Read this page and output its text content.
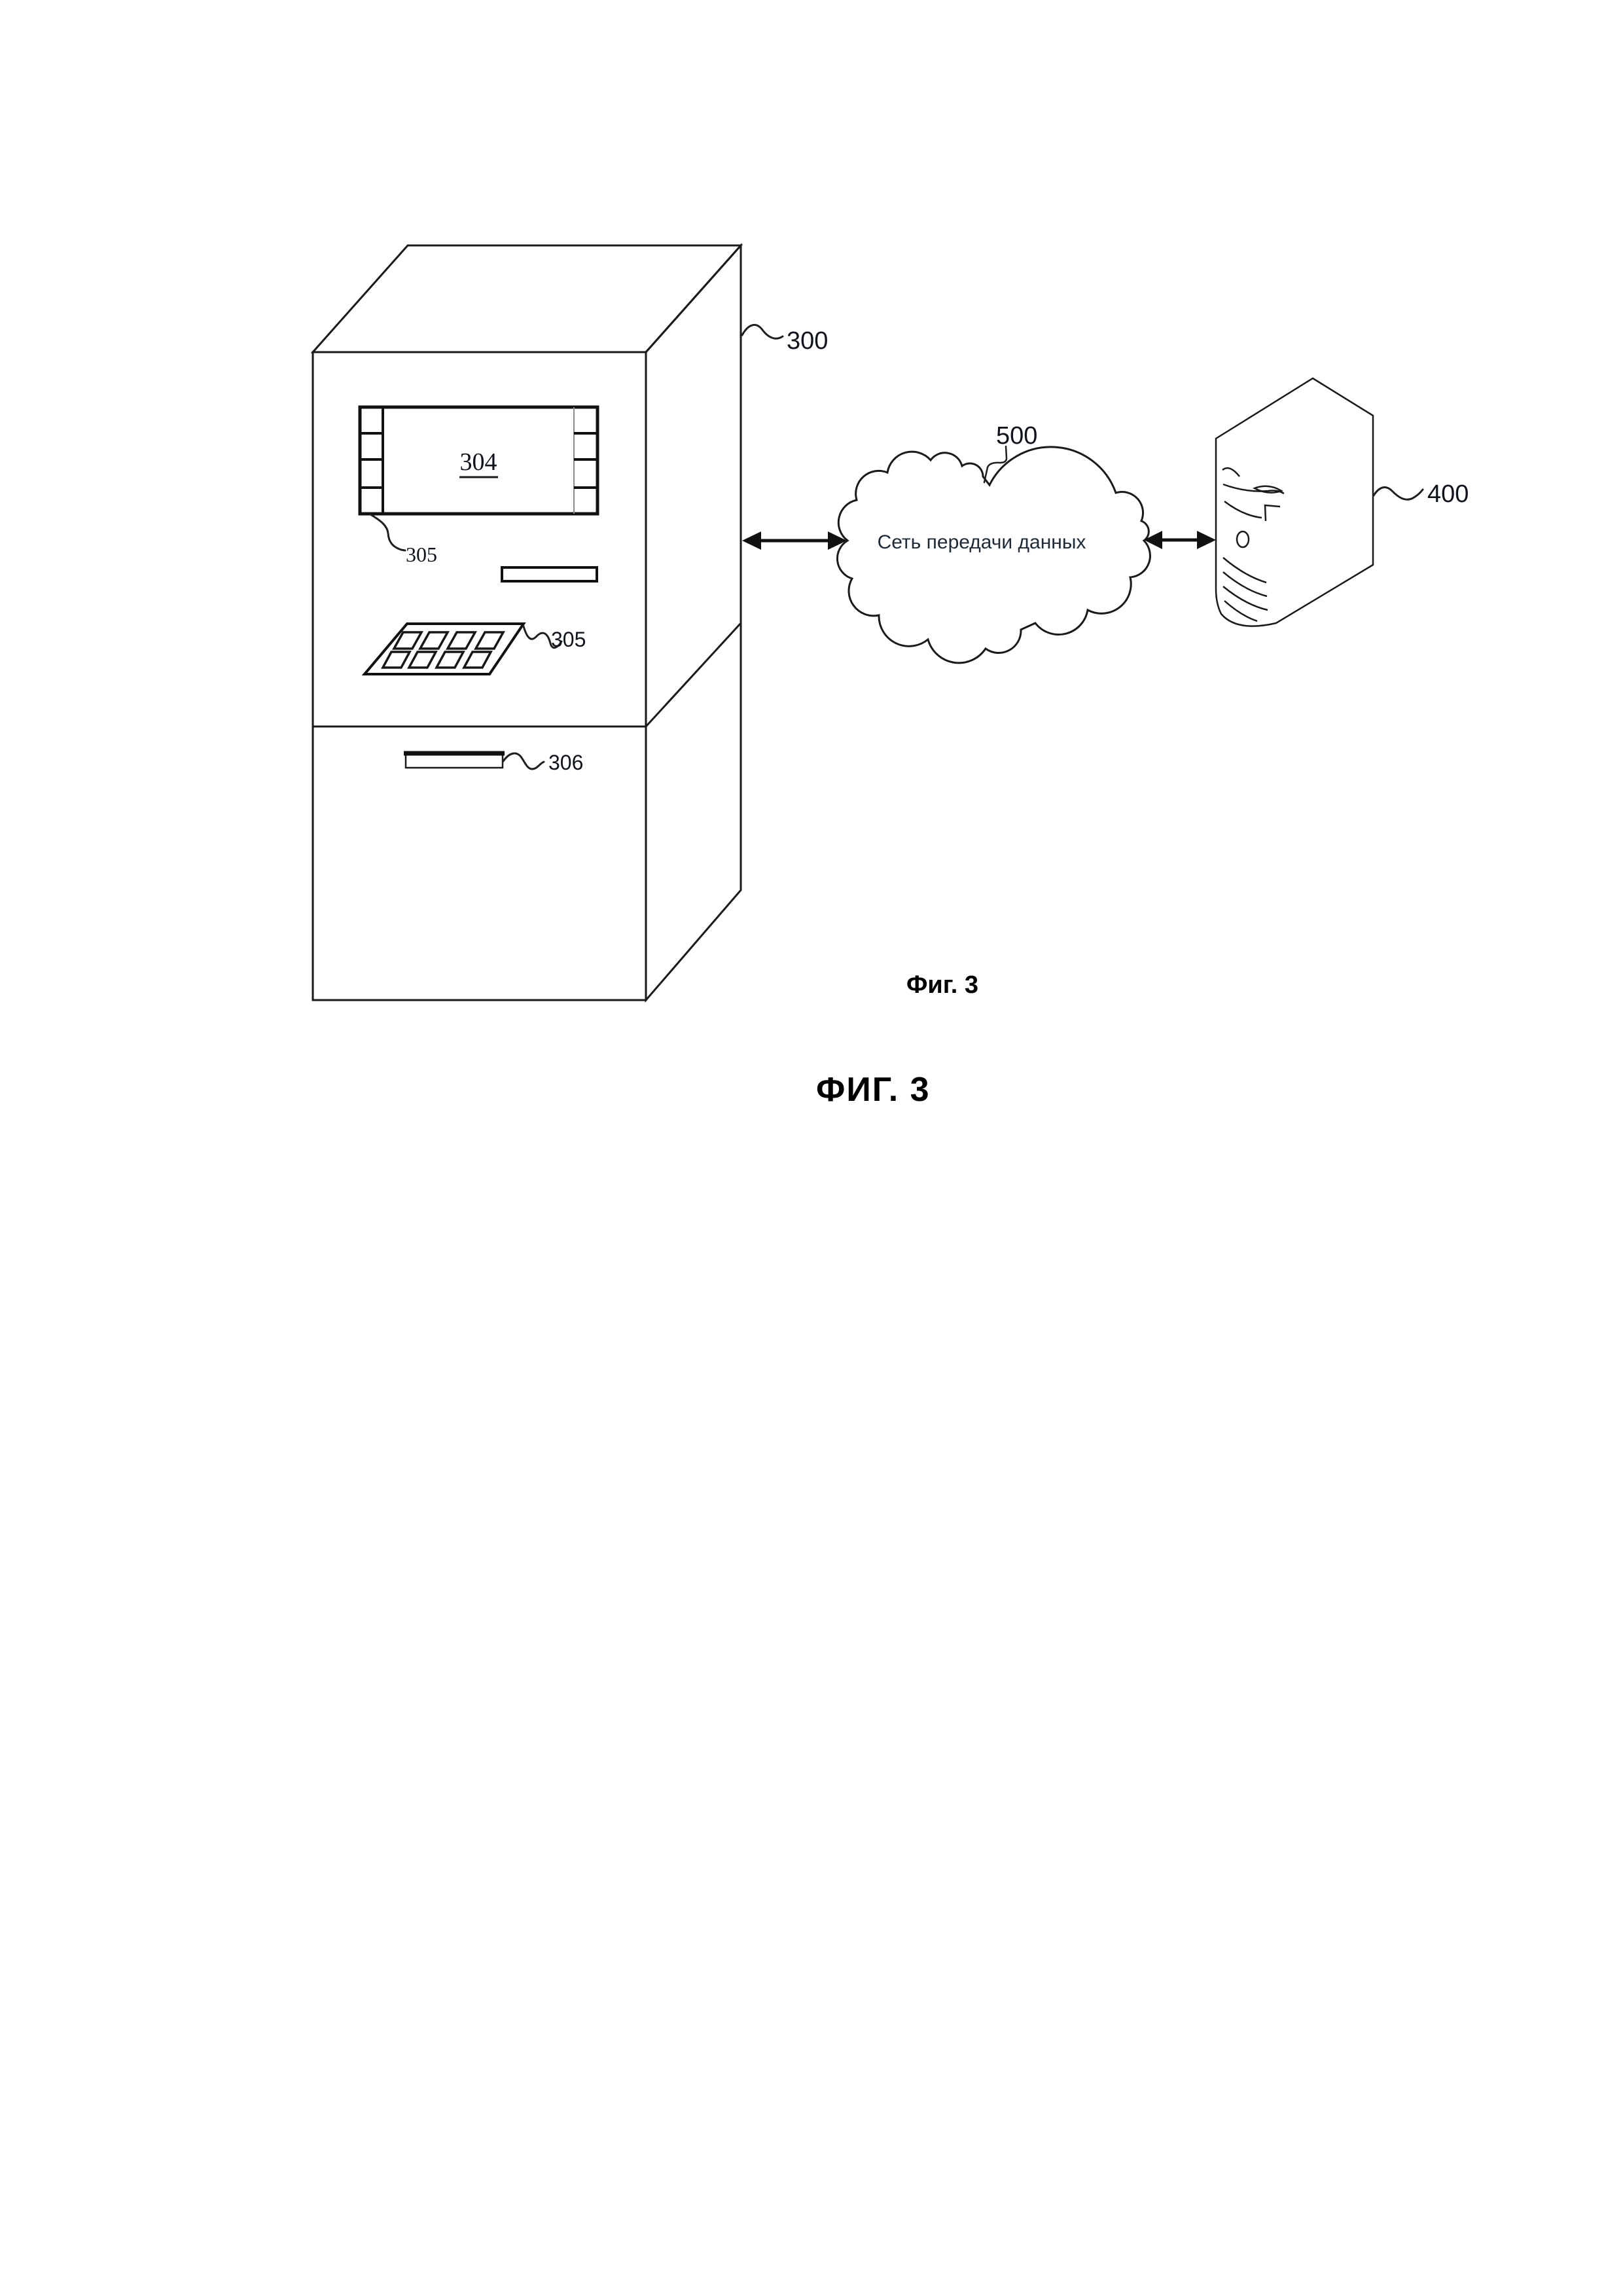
304
300
305
305
306
500
400
Сеть передачи данных
Фиг. 3
ФИГ. 3
